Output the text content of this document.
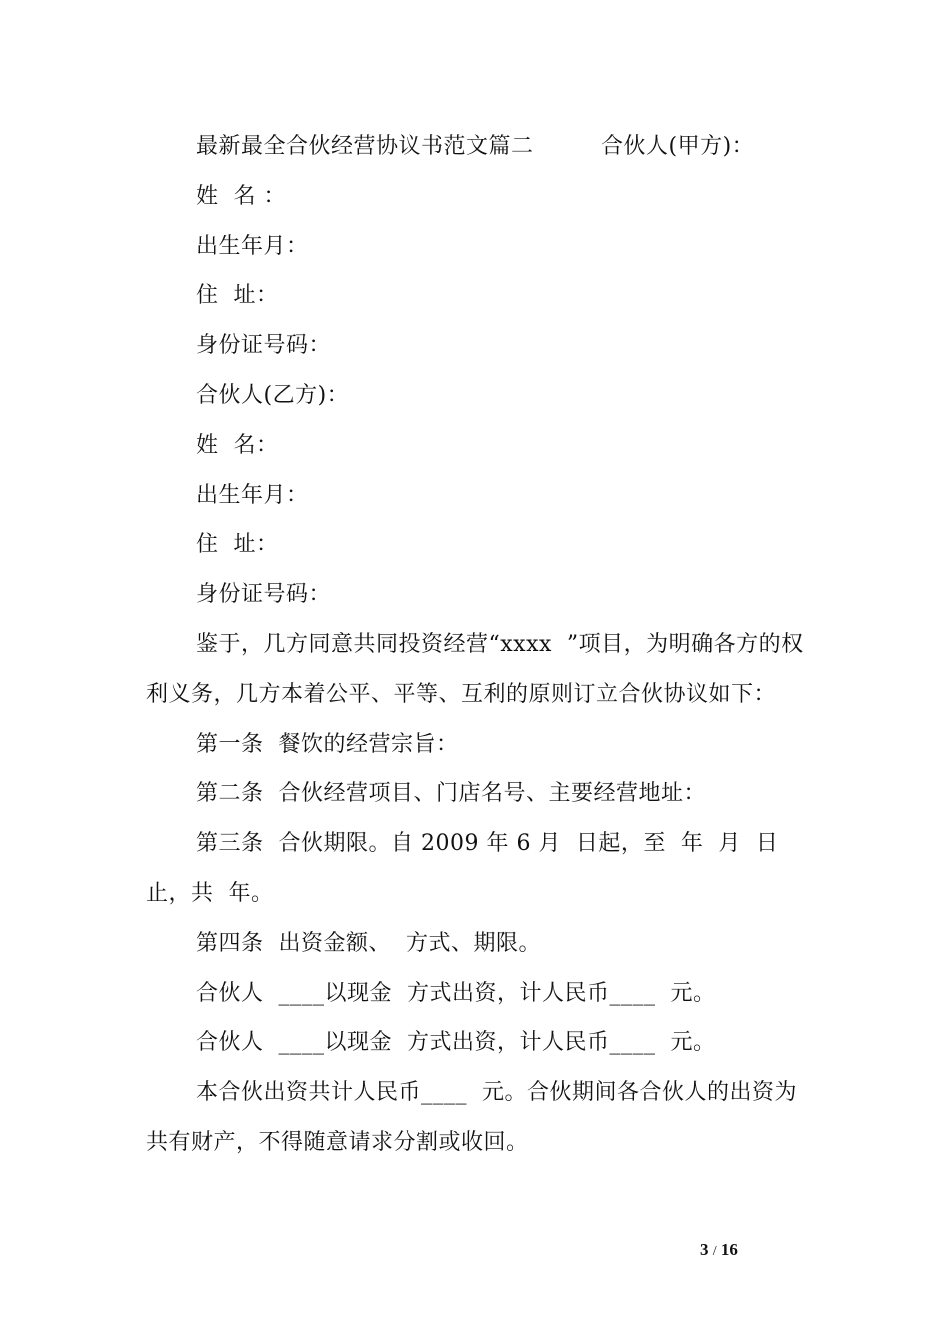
最新最全合伙经营协议书范文篇二　　　合伙人(甲方)：

姓  名 ：

出生年月：

住  址：

身份证号码：

合伙人(乙方)：

姓  名：

出生年月：

住  址：

身份证号码：

鉴于，几方同意共同投资经营“xxxx  ”项目，为明确各方的权利义务，几方本着公平、平等、互利的原则订立合伙协议如下：

第一条  餐饮的经营宗旨：

第二条  合伙经营项目、门店名号、主要经营地址：

第三条  合伙期限。自 2009 年 6 月  日起，至  年  月  日止，共  年。

第四条  出资金额、  方式、期限。

合伙人  ____以现金  方式出资，计人民币____  元。

合伙人  ____以现金  方式出资，计人民币____  元。

本合伙出资共计人民币____  元。合伙期间各合伙人的出资为共有财产，不得随意请求分割或收回。

3 / 16
